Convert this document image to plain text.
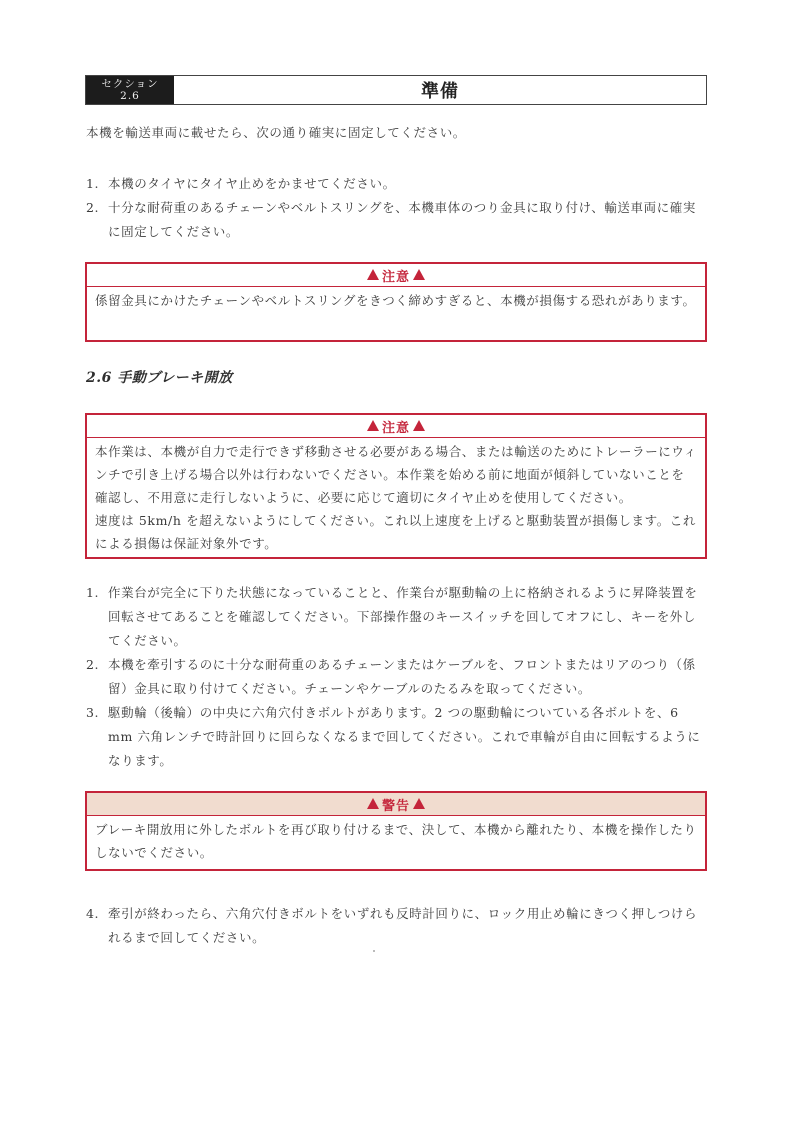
セクション
2.6	準備

本機を輸送車両に載せたら、次の通り確実に固定してください。

1. 本機のタイヤにタイヤ止めをかませてください。
2. 十分な耐荷重のあるチェーンやベルトスリングを、本機車体のつり金具に取り付け、輸送車両に確実に固定してください。
注意

係留金具にかけたチェーンやベルトスリングをきつく締めすぎると、本機が損傷する恐れがあります。

2.6 手動ブレーキ開放
注意

本作業は、本機が自力で走行できず移動させる必要がある場合、または輸送のためにトレーラーにウィンチで引き上げる場合以外は行わないでください。本作業を始める前に地面が傾斜していないことを確認し、不用意に走行しないように、必要に応じて適切にタイヤ止めを使用してください。

速度は 5km/h を超えないようにしてください。これ以上速度を上げると駆動装置が損傷します。これによる損傷は保証対象外です。

1. 作業台が完全に下りた状態になっていることと、作業台が駆動輪の上に格納されるように昇降装置を回転させてあることを確認してください。下部操作盤のキースイッチを回してオフにし、キーを外してください。
2. 本機を牽引するのに十分な耐荷重のあるチェーンまたはケーブルを、フロントまたはリアのつり（係留）金具に取り付けてください。チェーンやケーブルのたるみを取ってください。
3. 駆動輪（後輪）の中央に六角穴付きボルトがあります。2 つの駆動輪についている各ボルトを、6 mm 六角レンチで時計回りに回らなくなるまで回してください。これで車輪が自由に回転するようになります。
警告

ブレーキ開放用に外したボルトを再び取り付けるまで、決して、本機から離れたり、本機を操作したりしないでください。

4. 牽引が終わったら、六角穴付きボルトをいずれも反時計回りに、ロック用止め輪にきつく押しつけられるまで回してください。
